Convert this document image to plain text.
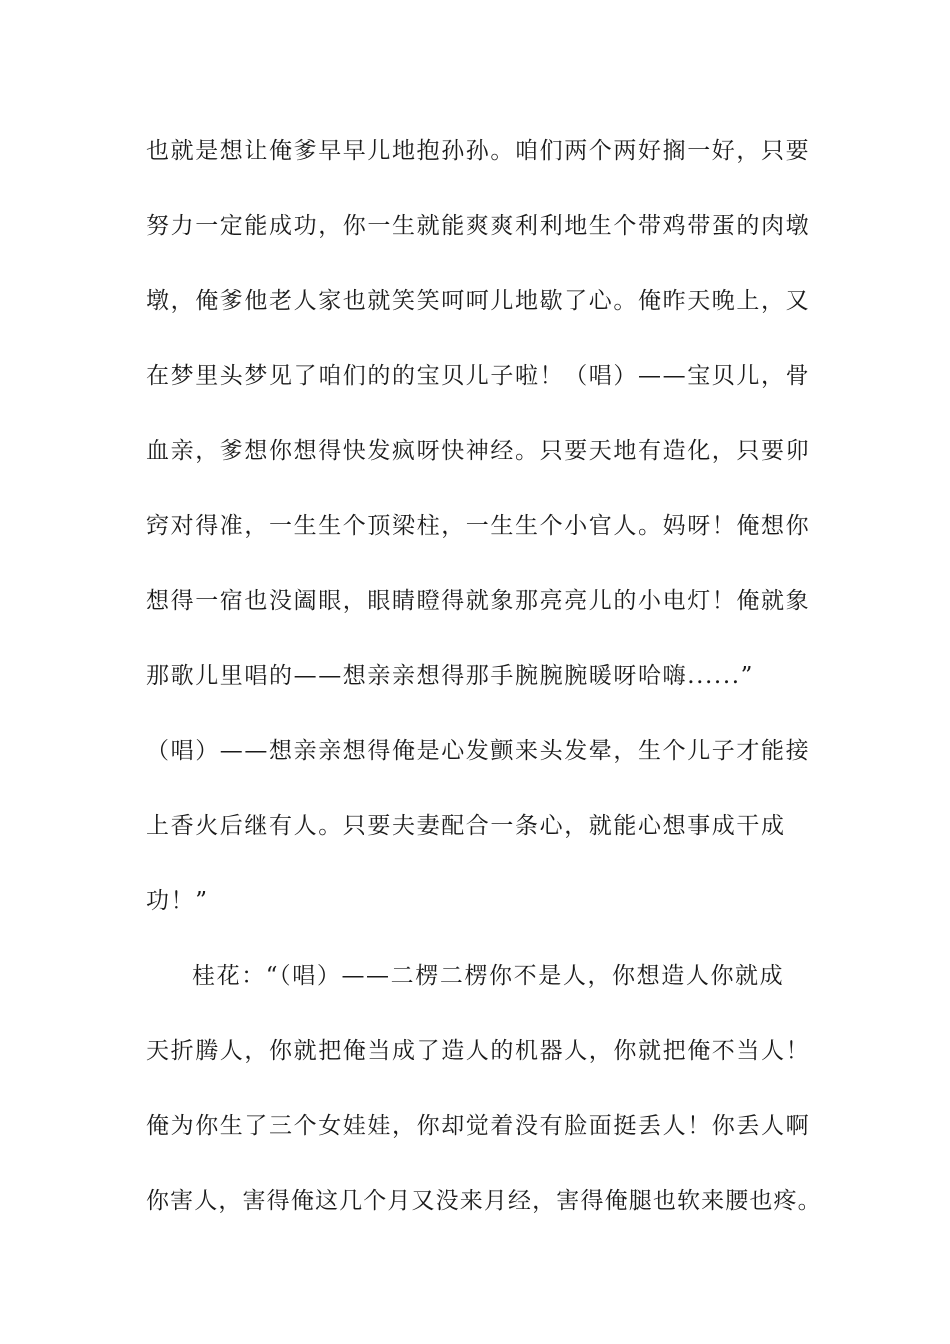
也就是想让俺爹早早儿地抱孙孙。咱们两个两好搁一好，只要
努力一定能成功，你一生就能爽爽利利地生个带鸡带蛋的肉墩
墩，俺爹他老人家也就笑笑呵呵儿地歇了心。俺昨天晚上，又
在梦里头梦见了咱们的的宝贝儿子啦！（唱）——宝贝儿，骨
血亲，爹想你想得快发疯呀快神经。只要天地有造化，只要卯
窍对得准，一生生个顶梁柱，一生生个小官人。妈呀！俺想你
想得一宿也没阖眼，眼睛瞪得就象那亮亮儿的小电灯！俺就象
那歌儿里唱的——想亲亲想得那手腕腕腕暖呀哈嗨......”
（唱）——想亲亲想得俺是心发颤来头发晕，生个儿子才能接
上香火后继有人。只要夫妻配合一条心，就能心想事成干成
功！”
桂花：“（唱）——二楞二楞你不是人，你想造人你就成
天折腾人，你就把俺当成了造人的机器人，你就把俺不当人！
俺为你生了三个女娃娃，你却觉着没有脸面挺丢人！你丢人啊
你害人，害得俺这几个月又没来月经，害得俺腿也软来腰也疼。
